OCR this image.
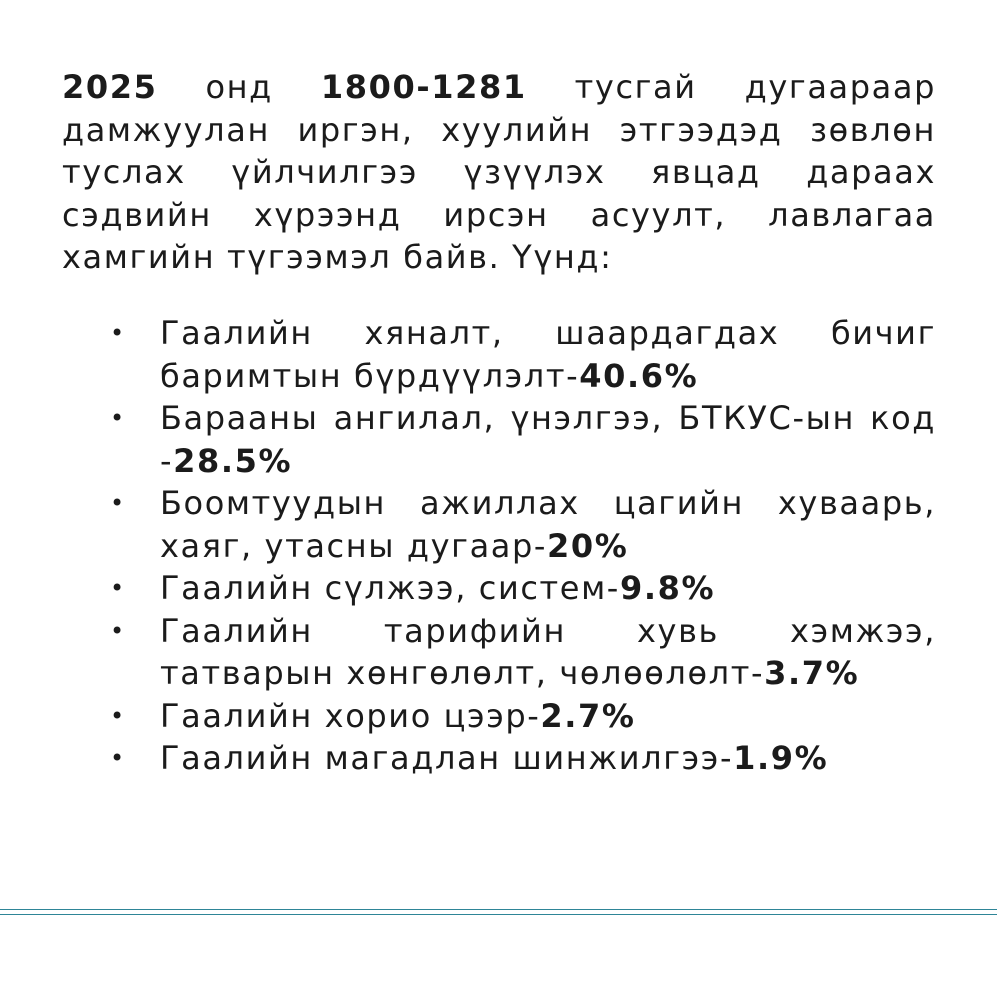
2025 онд 1800-1281 тусгай дугаараар дамжуулан иргэн, хуулийн этгээдэд зөвлөн туслах үйлчилгээ үзүүлэх явцад дараах сэдвийн хүрээнд ирсэн асуулт, лавлагаа хамгийн түгээмэл байв. Үүнд:

• Гаалийн хяналт, шаардагдах бичиг баримтын бүрдүүлэлт-40.6%
• Барааны ангилал, үнэлгээ, БТКУС-ын код -28.5%
• Боомтуудын ажиллах цагийн хуваарь, хаяг, утасны дугаар-20%
• Гаалийн сүлжээ, систем-9.8%
• Гаалийн тарифийн хувь хэмжээ, татварын хөнгөлөлт, чөлөөлөлт-3.7%
• Гаалийн хорио цээр-2.7%
• Гаалийн магадлан шинжилгээ-1.9%
